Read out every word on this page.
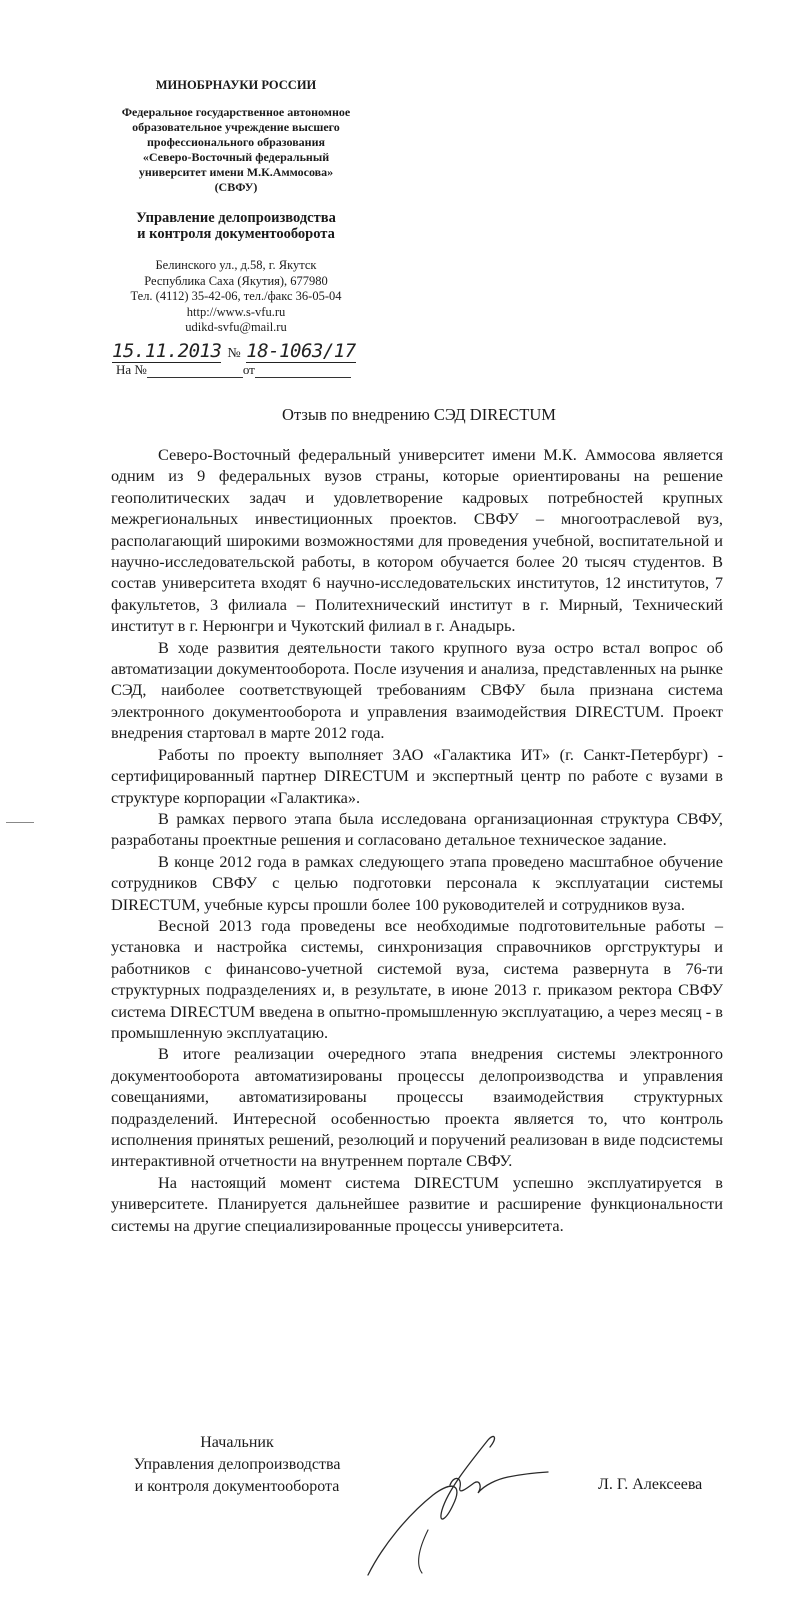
МИНОБРНАУКИ РОССИИ
Федеральное государственное автономное
образовательное учреждение высшего
профессионального образования
«Северо-Восточный федеральный
университет имени М.К.Аммосова»
(СВФУ)
Управление делопроизводства
и контроля документооборота
Белинского ул., д.58, г. Якутск
Республика Саха (Якутия), 677980
Тел. (4112) 35-42-06, тел./факс 36-05-04
http://www.s-vfu.ru
udikd-svfu@mail.ru
15.11.2013 № 18-1063/17
На №	от
Отзыв по внедрению СЭД DIRECTUM

Северо-Восточный федеральный университет имени М.К. Аммосова является одним из 9 федеральных вузов страны, которые ориентированы на решение геополитических задач и удовлетворение кадровых потребностей крупных межрегиональных инвестиционных проектов. СВФУ – многоотраслевой вуз, располагающий широкими возможностями для проведения учебной, воспитательной и научно-исследовательской работы, в котором обучается более 20 тысяч студентов. В состав университета входят 6 научно-исследовательских институтов, 12 институтов, 7 факультетов, 3 филиала – Политехнический институт в г. Мирный, Технический институт в г. Нерюнгри и Чукотский филиал в г. Анадырь.

В ходе развития деятельности такого крупного вуза остро встал вопрос об автоматизации документооборота. После изучения и анализа, представленных на рынке СЭД, наиболее соответствующей требованиям СВФУ была признана система электронного документооборота и управления взаимодействия DIRECTUM. Проект внедрения стартовал в марте 2012 года.

Работы по проекту выполняет ЗАО «Галактика ИТ» (г. Санкт-Петербург) - сертифицированный партнер DIRECTUM и экспертный центр по работе с вузами в структуре корпорации «Галактика».

В рамках первого этапа была исследована организационная структура СВФУ, разработаны проектные решения и согласовано детальное техническое задание.

В конце 2012 года в рамках следующего этапа проведено масштабное обучение сотрудников СВФУ с целью подготовки персонала к эксплуатации системы DIRECTUM, учебные курсы прошли более 100 руководителей и сотрудников вуза.

Весной 2013 года проведены все необходимые подготовительные работы – установка и настройка системы, синхронизация справочников оргструктуры и работников с финансово-учетной системой вуза, система развернута в 76-ти структурных подразделениях и, в результате, в июне 2013 г. приказом ректора СВФУ система DIRECTUM введена в опытно-промышленную эксплуатацию, а через месяц - в промышленную эксплуатацию.

В итоге реализации очередного этапа внедрения системы электронного документооборота автоматизированы процессы делопроизводства и управления совещаниями, автоматизированы процессы взаимодействия структурных подразделений. Интересной особенностью проекта является то, что контроль исполнения принятых решений, резолюций и поручений реализован в виде подсистемы интерактивной отчетности на внутреннем портале СВФУ.

На настоящий момент система DIRECTUM успешно эксплуатируется в университете. Планируется дальнейшее развитие и расширение функциональности системы на другие специализированные процессы университета.

Начальник
Управления делопроизводства
и контроля документооборота	Л. Г. Алексеева
